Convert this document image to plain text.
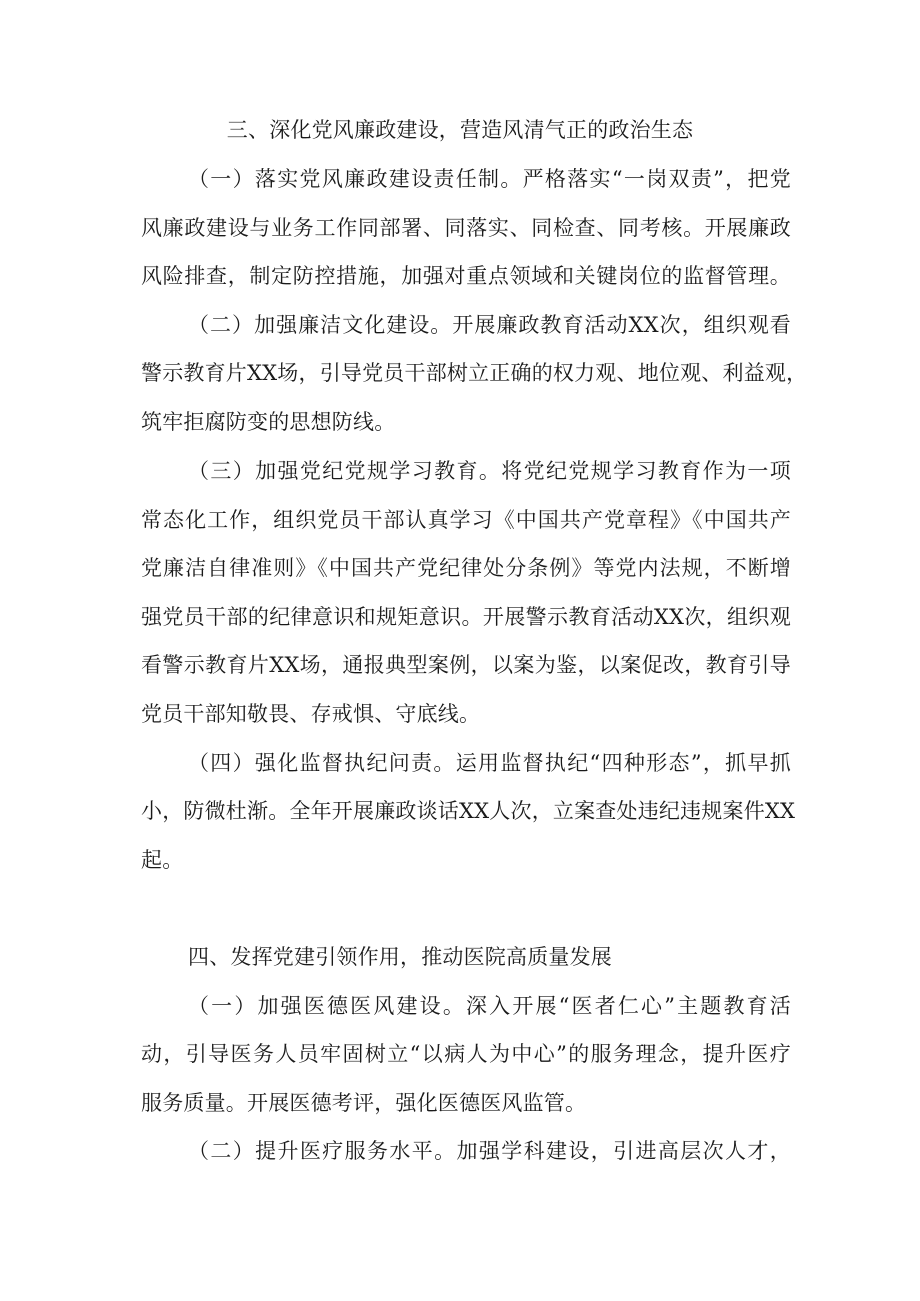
三、深化党风廉政建设，营造风清气正的政治生态
（一）落实党风廉政建设责任制。严格落实“一岗双责”，把党
风廉政建设与业务工作同部署、同落实、同检查、同考核。开展廉政
风险排查，制定防控措施，加强对重点领域和关键岗位的监督管理。
（二）加强廉洁文化建设。开展廉政教育活动XX次，组织观看
警示教育片XX场，引导党员干部树立正确的权力观、地位观、利益观，
筑牢拒腐防变的思想防线。
（三）加强党纪党规学习教育。将党纪党规学习教育作为一项
常态化工作，组织党员干部认真学习《中国共产党章程》《中国共产
党廉洁自律准则》《中国共产党纪律处分条例》等党内法规，不断增
强党员干部的纪律意识和规矩意识。开展警示教育活动XX次，组织观
看警示教育片XX场，通报典型案例，以案为鉴，以案促改，教育引导
党员干部知敬畏、存戒惧、守底线。
（四）强化监督执纪问责。运用监督执纪“四种形态”，抓早抓
小，防微杜渐。全年开展廉政谈话XX人次，立案查处违纪违规案件XX
起。
四、发挥党建引领作用，推动医院高质量发展
（一）加强医德医风建设。深入开展“医者仁心”主题教育活
动，引导医务人员牢固树立“以病人为中心”的服务理念，提升医疗
服务质量。开展医德考评，强化医德医风监管。
（二）提升医疗服务水平。加强学科建设，引进高层次人才，
